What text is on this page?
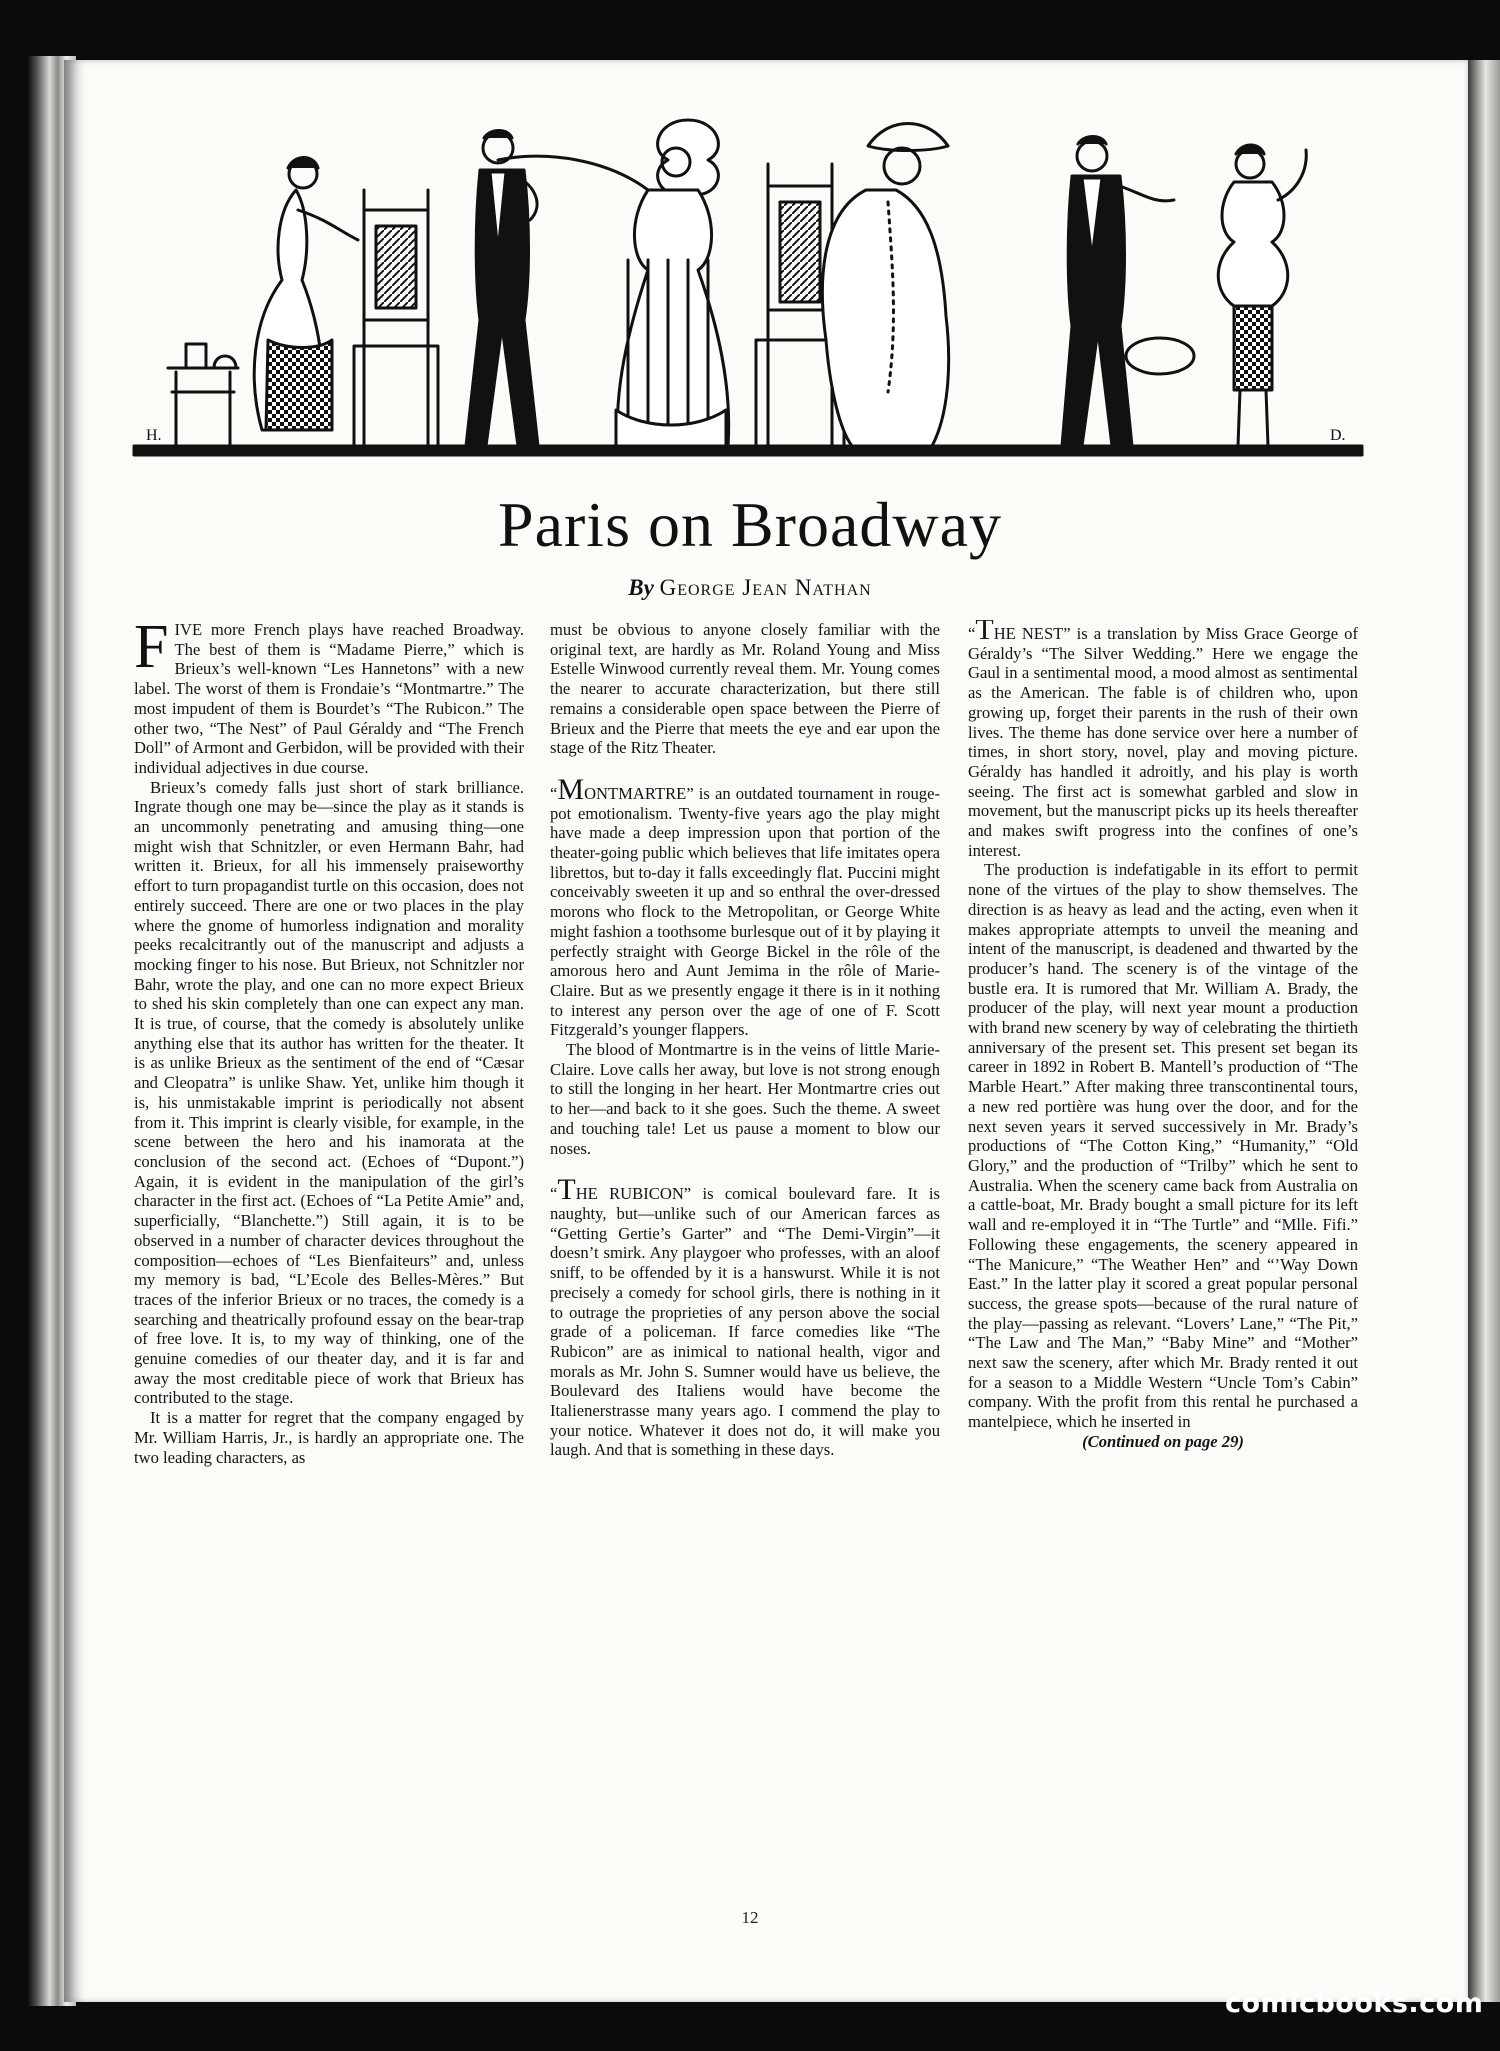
H.	D.
Paris on Broadway
By George Jean Nathan

FIVE more French plays have reached Broadway. The best of them is “Madame Pierre,” which is Brieux’s well-known “Les Hannetons” with a new label. The worst of them is Frondaie’s “Montmartre.” The most impudent of them is Bourdet’s “The Rubicon.” The other two, “The Nest” of Paul Géraldy and “The French Doll” of Armont and Gerbidon, will be provided with their individual adjectives in due course.

Brieux’s comedy falls just short of stark brilliance. Ingrate though one may be—since the play as it stands is an uncommonly penetrating and amusing thing—one might wish that Schnitzler, or even Hermann Bahr, had written it. Brieux, for all his immensely praiseworthy effort to turn propagandist turtle on this occasion, does not entirely succeed. There are one or two places in the play where the gnome of humorless indignation and morality peeks recalcitrantly out of the manuscript and adjusts a mocking finger to his nose. But Brieux, not Schnitzler nor Bahr, wrote the play, and one can no more expect Brieux to shed his skin completely than one can expect any man. It is true, of course, that the comedy is absolutely unlike anything else that its author has written for the theater. It is as unlike Brieux as the sentiment of the end of “Cæsar and Cleopatra” is unlike Shaw. Yet, unlike him though it is, his unmistakable imprint is periodically not absent from it. This imprint is clearly visible, for example, in the scene between the hero and his inamorata at the conclusion of the second act. (Echoes of “Dupont.”) Again, it is evident in the manipulation of the girl’s character in the first act. (Echoes of “La Petite Amie” and, superficially, “Blanchette.”) Still again, it is to be observed in a number of character devices throughout the composition—echoes of “Les Bienfaiteurs” and, unless my memory is bad, “L’Ecole des Belles-Mères.” But traces of the inferior Brieux or no traces, the comedy is a searching and theatrically profound essay on the bear-trap of free love. It is, to my way of thinking, one of the genuine comedies of our theater day, and it is far and away the most creditable piece of work that Brieux has contributed to the stage.

It is a matter for regret that the company engaged by Mr. William Harris, Jr., is hardly an appropriate one. The two leading characters, as

must be obvious to anyone closely familiar with the original text, are hardly as Mr. Roland Young and Miss Estelle Winwood currently reveal them. Mr. Young comes the nearer to accurate characterization, but there still remains a considerable open space between the Pierre of Brieux and the Pierre that meets the eye and ear upon the stage of the Ritz Theater.

“MONTMARTRE” is an outdated tournament in rouge-pot emotionalism. Twenty-five years ago the play might have made a deep impression upon that portion of the theater-going public which believes that life imitates opera librettos, but to-day it falls exceedingly flat. Puccini might conceivably sweeten it up and so enthral the over-dressed morons who flock to the Metropolitan, or George White might fashion a toothsome burlesque out of it by playing it perfectly straight with George Bickel in the rôle of the amorous hero and Aunt Jemima in the rôle of Marie-Claire. But as we presently engage it there is in it nothing to interest any person over the age of one of F. Scott Fitzgerald’s younger flappers.

The blood of Montmartre is in the veins of little Marie-Claire. Love calls her away, but love is not strong enough to still the longing in her heart. Her Montmartre cries out to her—and back to it she goes. Such the theme. A sweet and touching tale! Let us pause a moment to blow our noses.

“THE RUBICON” is comical boulevard fare. It is naughty, but—unlike such of our American farces as “Getting Gertie’s Garter” and “The Demi-Virgin”—it doesn’t smirk. Any playgoer who professes, with an aloof sniff, to be offended by it is a hanswurst. While it is not precisely a comedy for school girls, there is nothing in it to outrage the proprieties of any person above the social grade of a policeman. If farce comedies like “The Rubicon” are as inimical to national health, vigor and morals as Mr. John S. Sumner would have us believe, the Boulevard des Italiens would have become the Italienerstrasse many years ago. I commend the play to your notice. Whatever it does not do, it will make you laugh. And that is something in these days.

“THE NEST” is a translation by Miss Grace George of Géraldy’s “The Silver Wedding.” Here we engage the Gaul in a sentimental mood, a mood almost as sentimental as the American. The fable is of children who, upon growing up, forget their parents in the rush of their own lives. The theme has done service over here a number of times, in short story, novel, play and moving picture. Géraldy has handled it adroitly, and his play is worth seeing. The first act is somewhat garbled and slow in movement, but the manuscript picks up its heels thereafter and makes swift progress into the confines of one’s interest.

The production is indefatigable in its effort to permit none of the virtues of the play to show themselves. The direction is as heavy as lead and the acting, even when it makes appropriate attempts to unveil the meaning and intent of the manuscript, is deadened and thwarted by the producer’s hand. The scenery is of the vintage of the bustle era. It is rumored that Mr. William A. Brady, the producer of the play, will next year mount a production with brand new scenery by way of celebrating the thirtieth anniversary of the present set. This present set began its career in 1892 in Robert B. Mantell’s production of “The Marble Heart.” After making three transcontinental tours, a new red portière was hung over the door, and for the next seven years it served successively in Mr. Brady’s productions of “The Cotton King,” “Humanity,” “Old Glory,” and the production of “Trilby” which he sent to Australia. When the scenery came back from Australia on a cattle-boat, Mr. Brady bought a small picture for its left wall and re-employed it in “The Turtle” and “Mlle. Fifi.” Following these engagements, the scenery appeared in “The Manicure,” “The Weather Hen” and “’Way Down East.” In the latter play it scored a great popular personal success, the grease spots—because of the rural nature of the play—passing as relevant. “Lovers’ Lane,” “The Pit,” “The Law and The Man,” “Baby Mine” and “Mother” next saw the scenery, after which Mr. Brady rented it out for a season to a Middle Western “Uncle Tom’s Cabin” company. With the profit from this rental he purchased a mantelpiece, which he inserted in

(Continued on page 29)

12
comicbooks.com
